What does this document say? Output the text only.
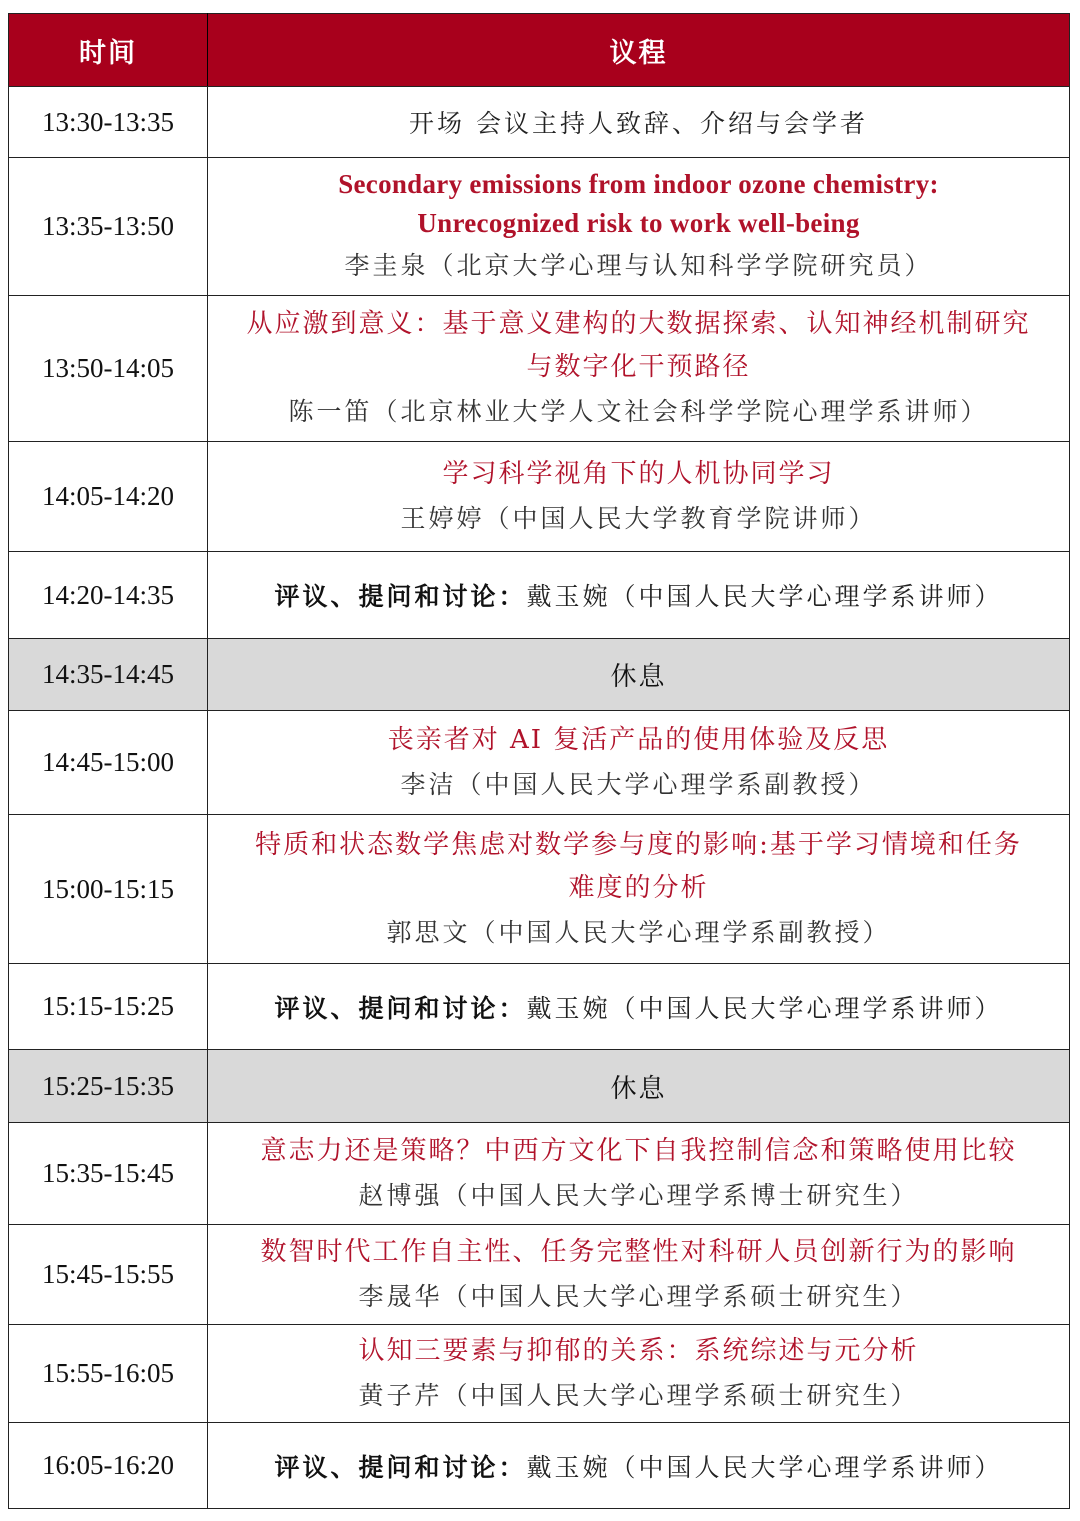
时间	议程
13:30-13:35	开场 会议主持人致辞、介绍与会学者
13:35-13:50	Secondary emissions from indoor ozone chemistry:
Unrecognized risk to work well-being
李圭泉（北京大学心理与认知科学学院研究员）

13:50-14:05	从应激到意义：基于意义建构的大数据探索、认知神经机制研究
与数字化干预路径
陈一笛（北京林业大学人文社会科学学院心理学系讲师）

14:05-14:20	学习科学视角下的人机协同学习
王婷婷（中国人民大学教育学院讲师）

14:20-14:35	评议、提问和讨论：戴玉婉（中国人民大学心理学系讲师）
14:35-14:45	休息
14:45-15:00	丧亲者对 AI 复活产品的使用体验及反思
李洁（中国人民大学心理学系副教授）

15:00-15:15	特质和状态数学焦虑对数学参与度的影响:基于学习情境和任务
难度的分析
郭思文（中国人民大学心理学系副教授）

15:15-15:25	评议、提问和讨论：戴玉婉（中国人民大学心理学系讲师）
15:25-15:35	休息
15:35-15:45	意志力还是策略？中西方文化下自我控制信念和策略使用比较
赵博强（中国人民大学心理学系博士研究生）

15:45-15:55	数智时代工作自主性、任务完整性对科研人员创新行为的影响
李晟华（中国人民大学心理学系硕士研究生）

15:55-16:05	认知三要素与抑郁的关系：系统综述与元分析
黄子芹（中国人民大学心理学系硕士研究生）

16:05-16:20	评议、提问和讨论：戴玉婉（中国人民大学心理学系讲师）
